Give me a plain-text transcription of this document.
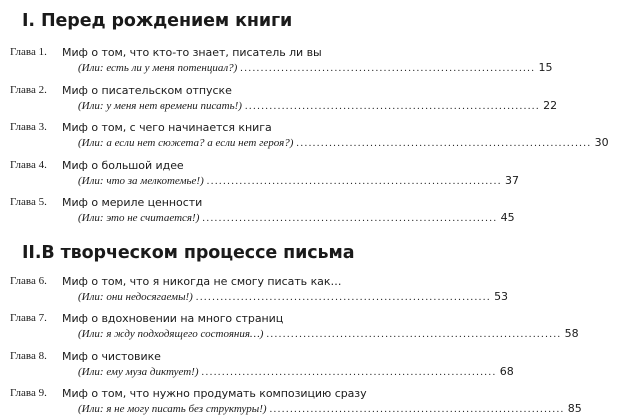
I. Перед рождением книги
Глава 1.	Миф о том, что кто-то знает, писатель ли вы
(Или: есть ли у меня потенциал?) ........................................................................ 15
Глава 2.	Миф о писательском отпуске
(Или: у меня нет времени писать!) ........................................................................ 22
Глава 3.	Миф о том, с чего начинается книга
(Или: а если нет сюжета? а если нет героя?) ........................................................................ 30
Глава 4.	Миф о большой идее
(Или: что за мелкотемье!) ........................................................................ 37
Глава 5.	Миф о мериле ценности
(Или: это не считается!) ........................................................................ 45
II.В творческом процессе письма
Глава 6.	Миф о том, что я никогда не смогу писать как…
(Или: они недосягаемы!) ........................................................................ 53
Глава 7.	Миф о вдохновении на много страниц
(Или: я жду подходящего состояния…) ........................................................................ 58
Глава 8.	Миф о чистовике
(Или: ему муза диктует!) ........................................................................ 68
Глава 9.	Миф о том, что нужно продумать композицию сразу
(Или: я не могу писать без структуры!) ........................................................................ 85
